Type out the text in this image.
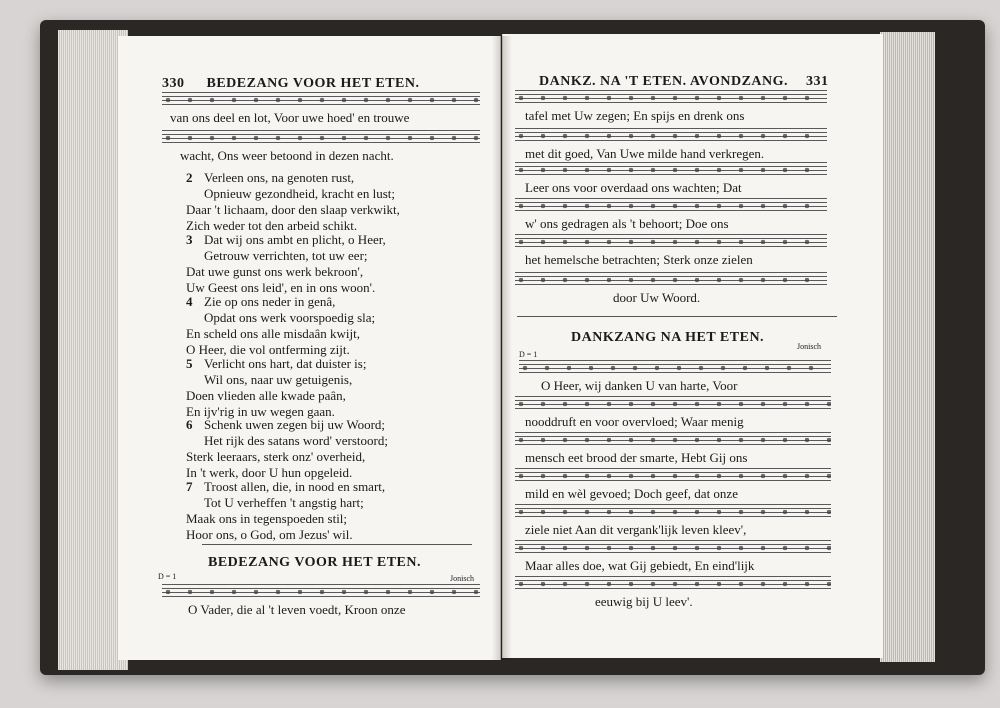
330 BEDEZANG VOOR HET ETEN.
van ons deel en lot, Voor uwe hoed' en trouwe
wacht, Ons weer betoond in dezen nacht.
2 Verleen ons, na genoten rust,
Opnieuw gezondheid, kracht en lust;
Daar 't lichaam, door den slaap verkwikt,
Zich weder tot den arbeid schikt.
3 Dat wij ons ambt en plicht, o Heer,
Getrouw verrichten, tot uw eer;
Dat uwe gunst ons werk bekroon',
Uw Geest ons leid', en in ons woon'.
4 Zie op ons neder in genâ,
Opdat ons werk voorspoedig sla;
En scheld ons alle misdaân kwijt,
O Heer, die vol ontferming zijt.
5 Verlicht ons hart, dat duister is;
Wil ons, naar uw getuigenis,
Doen vlieden alle kwade paân,
En ijv'rig in uw wegen gaan.
6 Schenk uwen zegen bij uw Woord;
Het rijk des satans word' verstoord;
Sterk leeraars, sterk onz' overheid,
In 't werk, door U hun opgeleid.
7 Troost allen, die, in nood en smart,
Tot U verheffen 't angstig hart;
Maak ons in tegenspoeden stil;
Hoor ons, o God, om Jezus' wil.
BEDEZANG VOOR HET ETEN.
D = 1	Jonisch
O Vader, die al 't leven voedt, Kroon onze
DANKZ. NA 'T ETEN. AVONDZANG. 331
tafel met Uw zegen; En spijs en drenk ons
met dit goed, Van Uwe milde hand verkregen.
Leer ons voor overdaad ons wachten; Dat
w' ons gedragen als 't behoort; Doe ons
het hemelsche betrachten; Sterk onze zielen
door Uw Woord.
DANKZANG NA HET ETEN.
D = 1
Jonisch
O Heer, wij danken U van harte, Voor
nooddruft en voor overvloed; Waar menig
mensch eet brood der smarte, Hebt Gij ons
mild en wèl gevoed; Doch geef, dat onze
ziele niet Aan dit vergank'lijk leven kleev',
Maar alles doe, wat Gij gebiedt, En eind'lijk
eeuwig bij U leev'.
